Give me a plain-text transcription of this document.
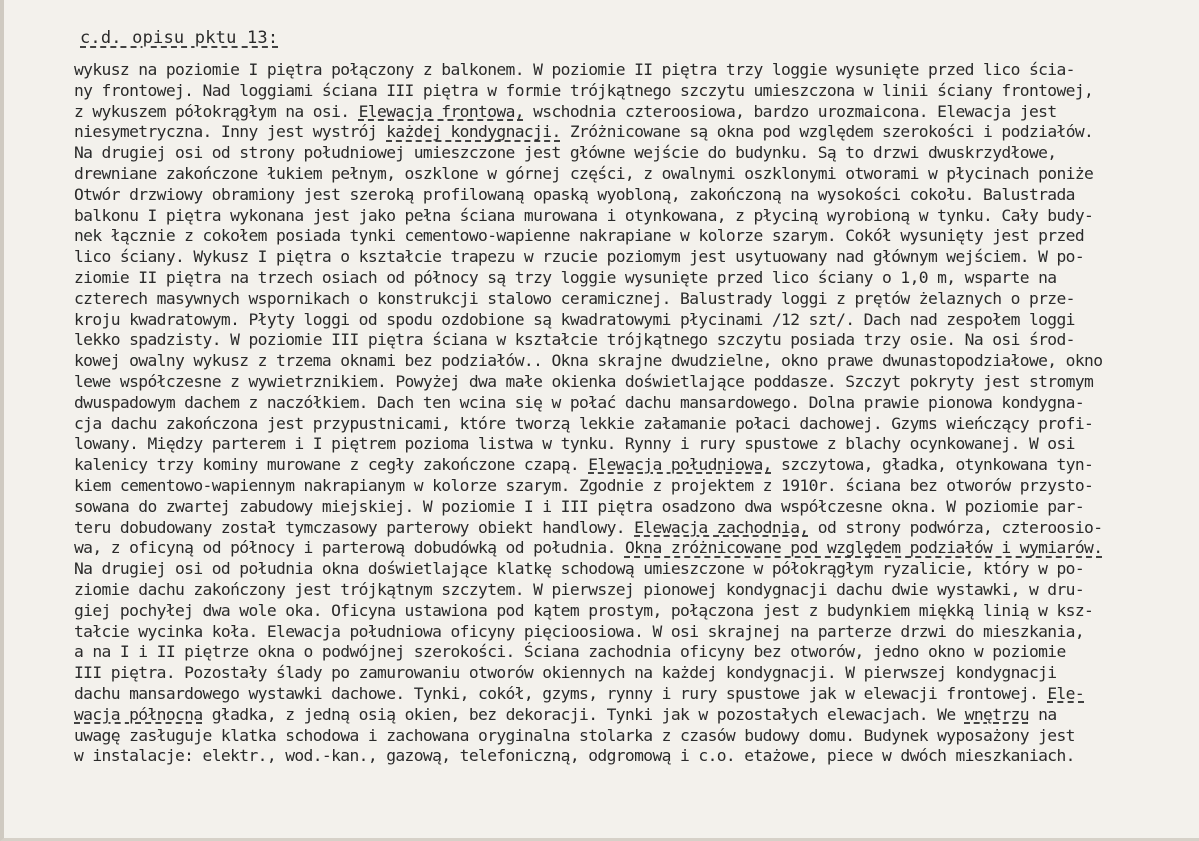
c.d. opisu pktu 13:
wykusz na poziomie I piętra połączony z balkonem. W poziomie II piętra trzy loggie wysunięte przed lico ścia-
ny frontowej. Nad loggiami ściana III piętra w formie trójkątnego szczytu umieszczona w linii ściany frontowej,
z wykuszem półokrągłym na osi. Elewacja frontowa, wschodnia czteroosiowa, bardzo urozmaicona. Elewacja jest
niesymetryczna. Inny jest wystrój każdej kondygnacji. Zróżnicowane są okna pod względem szerokości i podziałów.
Na drugiej osi od strony południowej umieszczone jest główne wejście do budynku. Są to drzwi dwuskrzydłowe,
drewniane zakończone łukiem pełnym, oszklone w górnej części, z owalnymi oszklonymi otworami w płycinach poniże
Otwór drzwiowy obramiony jest szeroką profilowaną opaską wyobloną, zakończoną na wysokości cokołu. Balustrada
balkonu I piętra wykonana jest jako pełna ściana murowana i otynkowana, z płyciną wyrobioną w tynku. Cały budy-
nek łącznie z cokołem posiada tynki cementowo-wapienne nakrapiane w kolorze szarym. Cokół wysunięty jest przed
lico ściany. Wykusz I piętra o kształcie trapezu w rzucie poziomym jest usytuowany nad głównym wejściem. W po-
ziomie II piętra na trzech osiach od północy są trzy loggie wysunięte przed lico ściany o 1,0 m, wsparte na
czterech masywnych wspornikach o konstrukcji stalowo ceramicznej. Balustrady loggi z prętów żelaznych o prze-
kroju kwadratowym. Płyty loggi od spodu ozdobione są kwadratowymi płycinami /12 szt/. Dach nad zespołem loggi
lekko spadzisty. W poziomie III piętra ściana w kształcie trójkątnego szczytu posiada trzy osie. Na osi środ-
kowej owalny wykusz z trzema oknami bez podziałów.. Okna skrajne dwudzielne, okno prawe dwunastopodziałowe, okno
lewe współczesne z wywietrznikiem. Powyżej dwa małe okienka doświetlające poddasze. Szczyt pokryty jest stromym
dwuspadowym dachem z naczółkiem. Dach ten wcina się w połać dachu mansardowego. Dolna prawie pionowa kondygna-
cja dachu zakończona jest przypustnicami, które tworzą lekkie załamanie połaci dachowej. Gzyms wieńczący profi-
lowany. Między parterem i I piętrem pozioma listwa w tynku. Rynny i rury spustowe z blachy ocynkowanej. W osi
kalenicy trzy kominy murowane z cegły zakończone czapą. Elewacja południowa, szczytowa, gładka, otynkowana tyn-
kiem cementowo-wapiennym nakrapianym w kolorze szarym. Zgodnie z projektem z 1910r. ściana bez otworów przysto-
sowana do zwartej zabudowy miejskiej. W poziomie I i III piętra osadzono dwa współczesne okna. W poziomie par-
teru dobudowany został tymczasowy parterowy obiekt handlowy. Elewacja zachodnia, od strony podwórza, czteroosio-
wa, z oficyną od północy i parterową dobudówką od południa. Okna zróżnicowane pod względem podziałów i wymiarów.
Na drugiej osi od południa okna doświetlające klatkę schodową umieszczone w półokrągłym ryzalicie, który w po-
ziomie dachu zakończony jest trójkątnym szczytem. W pierwszej pionowej kondygnacji dachu dwie wystawki, w dru-
giej pochyłej dwa wole oka. Oficyna ustawiona pod kątem prostym, połączona jest z budynkiem miękką linią w ksz-
tałcie wycinka koła. Elewacja południowa oficyny pięcioosiowa. W osi skrajnej na parterze drzwi do mieszkania,
a na I i II piętrze okna o podwójnej szerokości. Ściana zachodnia oficyny bez otworów, jedno okno w poziomie
III piętra. Pozostały ślady po zamurowaniu otworów okiennych na każdej kondygnacji. W pierwszej kondygnacji
dachu mansardowego wystawki dachowe. Tynki, cokół, gzyms, rynny i rury spustowe jak w elewacji frontowej. Ele-
wacja północna gładka, z jedną osią okien, bez dekoracji. Tynki jak w pozostałych elewacjach. We wnętrzu na
uwagę zasługuje klatka schodowa i zachowana oryginalna stolarka z czasów budowy domu. Budynek wyposażony jest
w instalacje: elektr., wod.-kan., gazową, telefoniczną, odgromową i c.o. etażowe, piece w dwóch mieszkaniach.
